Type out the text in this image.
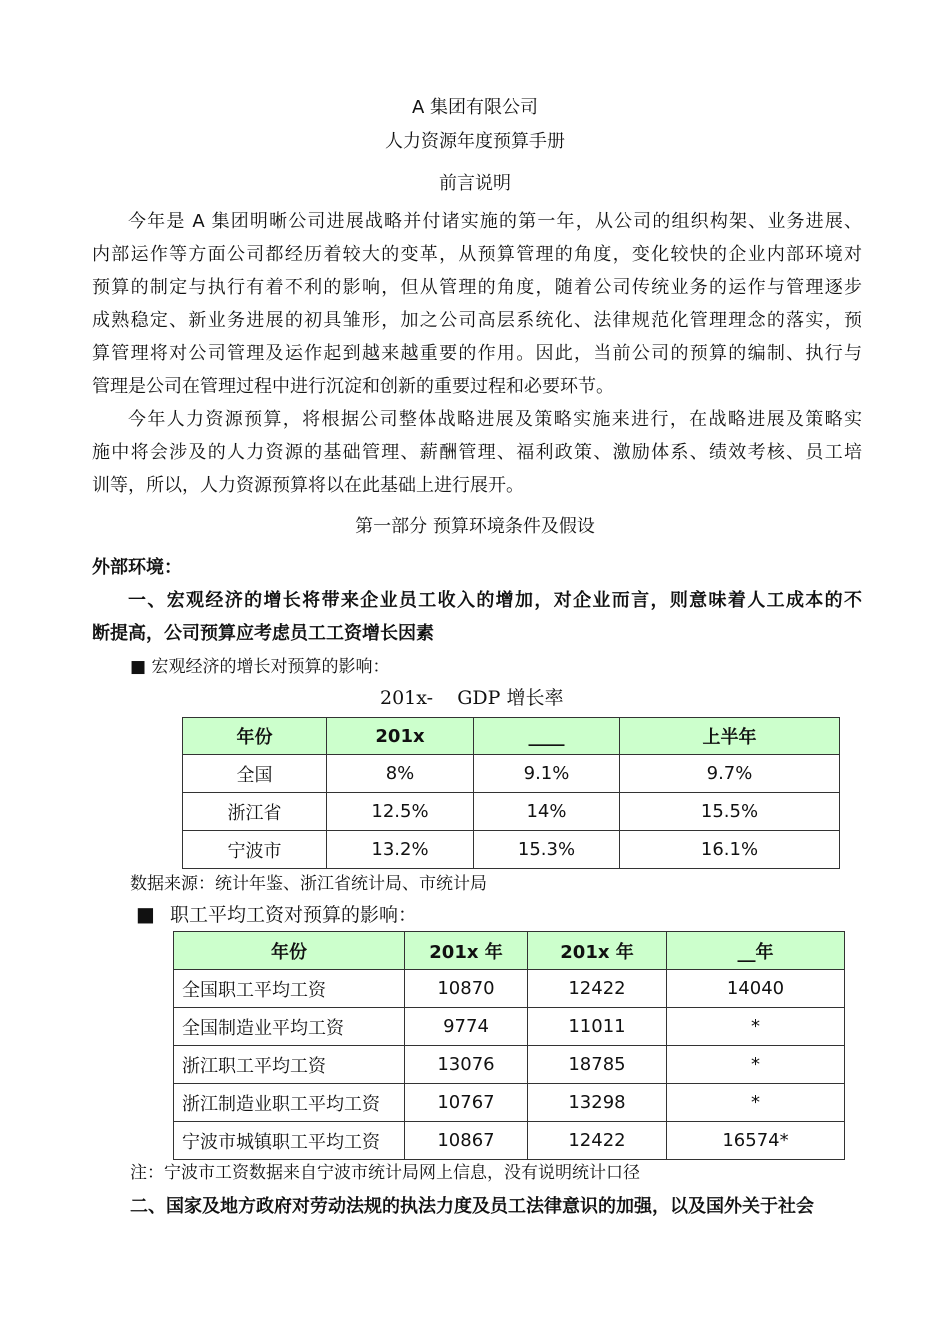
A 集团有限公司
人力资源年度预算手册
前言说明
今年是 A 集团明晰公司进展战略并付诸实施的第一年，从公司的组织构架、业务进展、
内部运作等方面公司都经历着较大的变革，从预算管理的角度，变化较快的企业内部环境对
预算的制定与执行有着不利的影响，但从管理的角度，随着公司传统业务的运作与管理逐步
成熟稳定、新业务进展的初具雏形，加之公司高层系统化、法律规范化管理理念的落实，预
算管理将对公司管理及运作起到越来越重要的作用。因此，当前公司的预算的编制、执行与
管理是公司在管理过程中进行沉淀和创新的重要过程和必要环节。
今年人力资源预算，将根据公司整体战略进展及策略实施来进行，在战略进展及策略实
施中将会涉及的人力资源的基础管理、薪酬管理、福利政策、激励体系、绩效考核、员工培
训等，所以，人力资源预算将以在此基础上进行展开。
第一部分 预算环境条件及假设
外部环境：
一、宏观经济的增长将带来企业员工收入的增加，对企业而言，则意味着人工成本的不
断提高，公司预算应考虑员工工资增长因素
■ 宏观经济的增长对预算的影响：
201x-    GDP 增长率
年份	201x	____	上半年
全国	8%	9.1%	9.7%
浙江省	12.5%	14%	15.5%
宁波市	13.2%	15.3%	16.1%
数据来源：统计年鉴、浙江省统计局、市统计局
■ 职工平均工资对预算的影响：
年份	201x 年	201x 年	__年
全国职工平均工资	10870	12422	14040
全国制造业平均工资	9774	11011	*
浙江职工平均工资	13076	18785	*
浙江制造业职工平均工资	10767	13298	*
宁波市城镇职工平均工资	10867	12422	16574*
注：宁波市工资数据来自宁波市统计局网上信息，没有说明统计口径
二、国家及地方政府对劳动法规的执法力度及员工法律意识的加强，以及国外关于社会
